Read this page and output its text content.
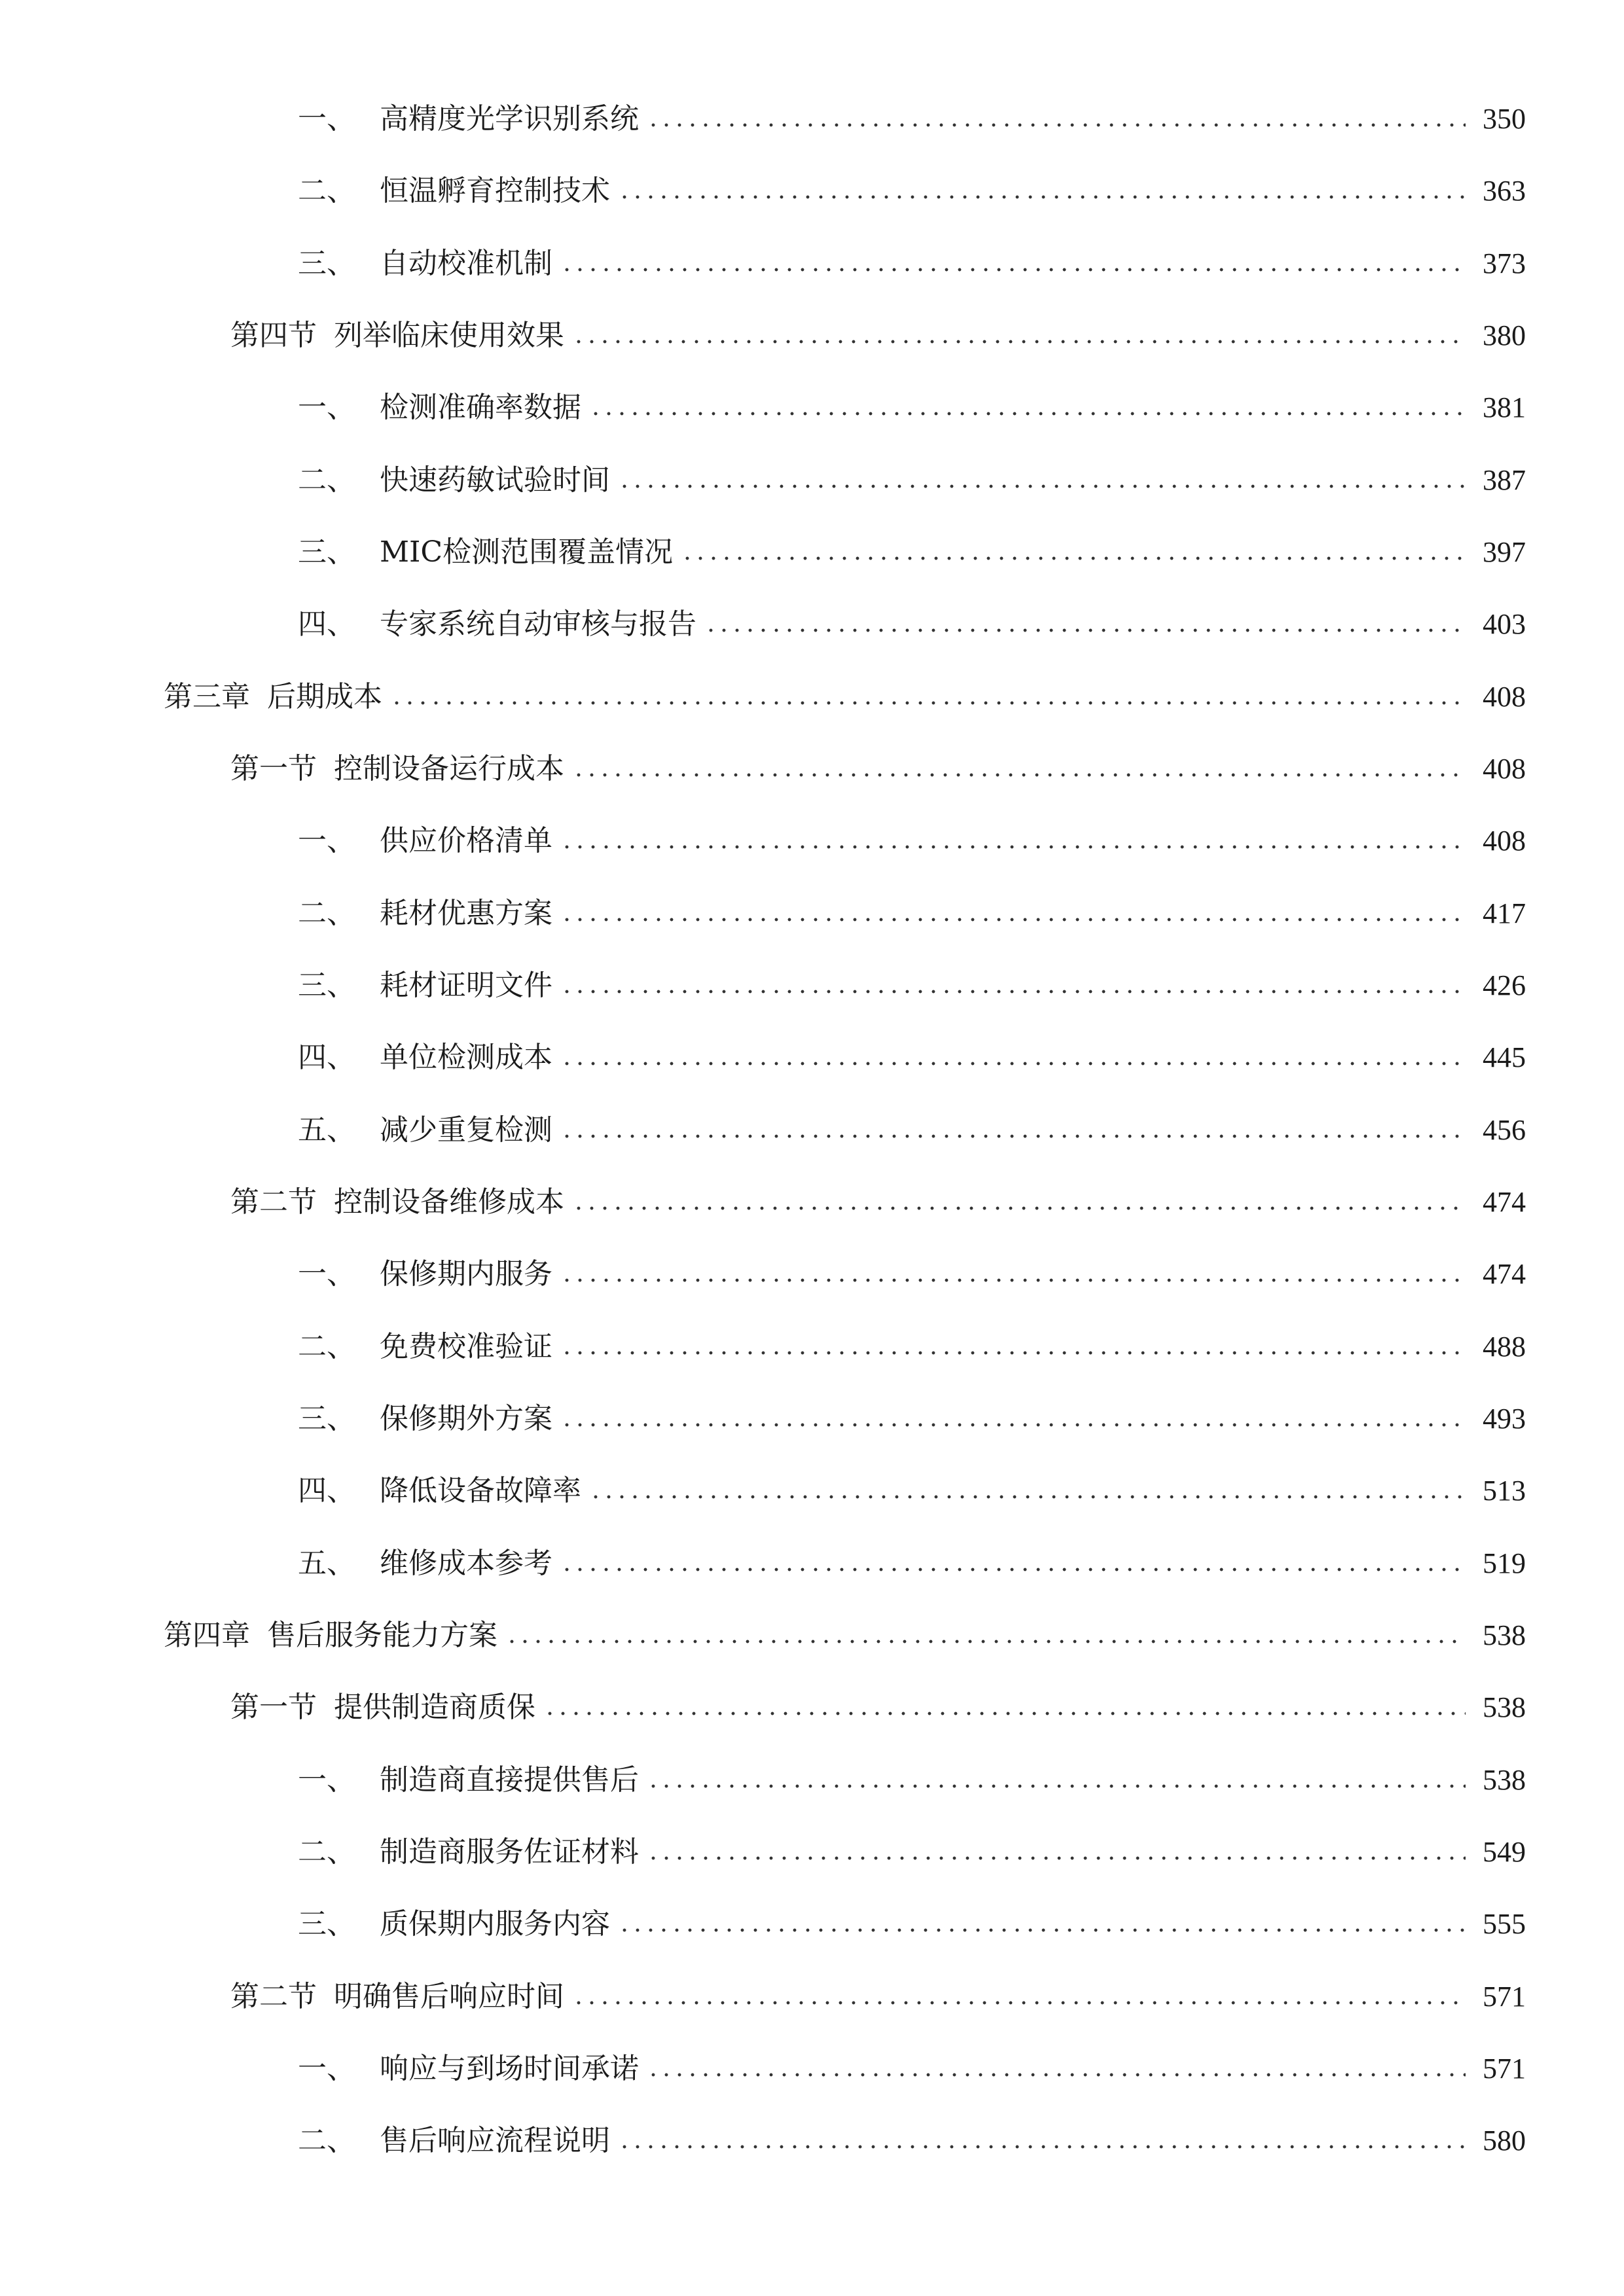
一、 高精度光学识别系统	350
二、 恒温孵育控制技术	363
三、 自动校准机制	373
第四节 列举临床使用效果	380
一、 检测准确率数据	381
二、 快速药敏试验时间	387
三、 MIC检测范围覆盖情况	397
四、 专家系统自动审核与报告	403
第三章 后期成本	408
第一节 控制设备运行成本	408
一、 供应价格清单	408
二、 耗材优惠方案	417
三、 耗材证明文件	426
四、 单位检测成本	445
五、 减少重复检测	456
第二节 控制设备维修成本	474
一、 保修期内服务	474
二、 免费校准验证	488
三、 保修期外方案	493
四、 降低设备故障率	513
五、 维修成本参考	519
第四章 售后服务能力方案	538
第一节 提供制造商质保	538
一、 制造商直接提供售后	538
二、 制造商服务佐证材料	549
三、 质保期内服务内容	555
第二节 明确售后响应时间	571
一、 响应与到场时间承诺	571
二、 售后响应流程说明	580
